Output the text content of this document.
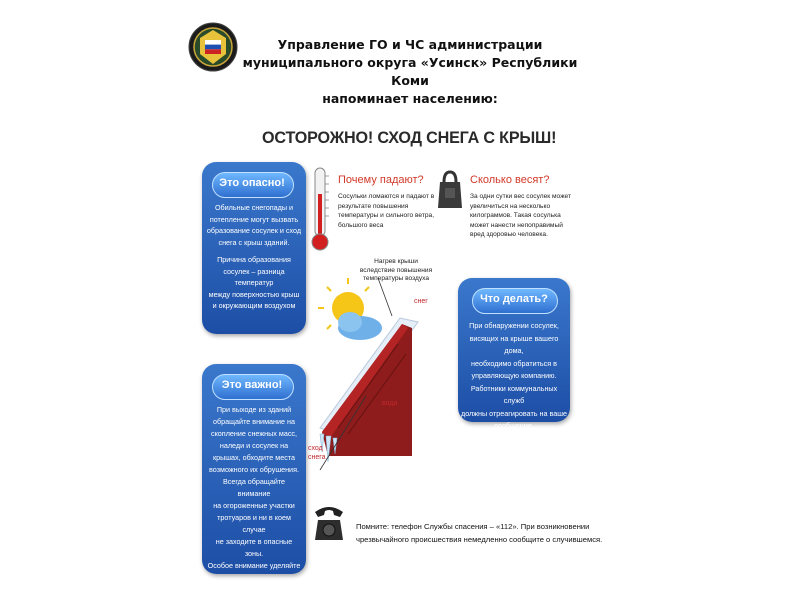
Управление ГО и ЧС администрации
муниципального округа «Усинск» Республики Коми
напоминает населению:
ОСТОРОЖНО! СХОД СНЕГА С КРЫШ!
Это опасно!
Обильные снегопады и
потепление могут вызвать
образование сосулек и сход
снега с крыш зданий.
Причина образования
сосулек – разница температур
между поверхностью крыш
и окружающим воздухом
Это важно!
При выходе из зданий
обращайте внимание на
скопление снежных масс,
наледи и сосулек на
крышах, обходите места
возможного их обрушения.
Всегда обращайте внимание
на огороженные участки
тротуаров и ни в коем случае
не заходите в опасные зоны.
Особое внимание уделяйте
Что делать?
При обнаружении сосулек,
висящих на крыше вашего дома,
необходимо обратиться в
управляющую компанию.
Работники коммунальных служб
должны отреагировать на ваше
сообщение.
Почему падают?
Сосульки ломаются и падают в
результате повышения
температуры и сильного ветра,
большого веса
Сколько весят?
За одни сутки вес сосулек может
увеличиться на несколько
килограммов. Такая сосулька
может нанести непоправимый
вред здоровью человека.
Нагрев крыши
вследствие повышения
температуры воздуха
снег
вода
сход
снега
Помните: телефон Службы спасения – «112». При возникновении
чрезвычайного происшествия немедленно сообщите о случившемся.
